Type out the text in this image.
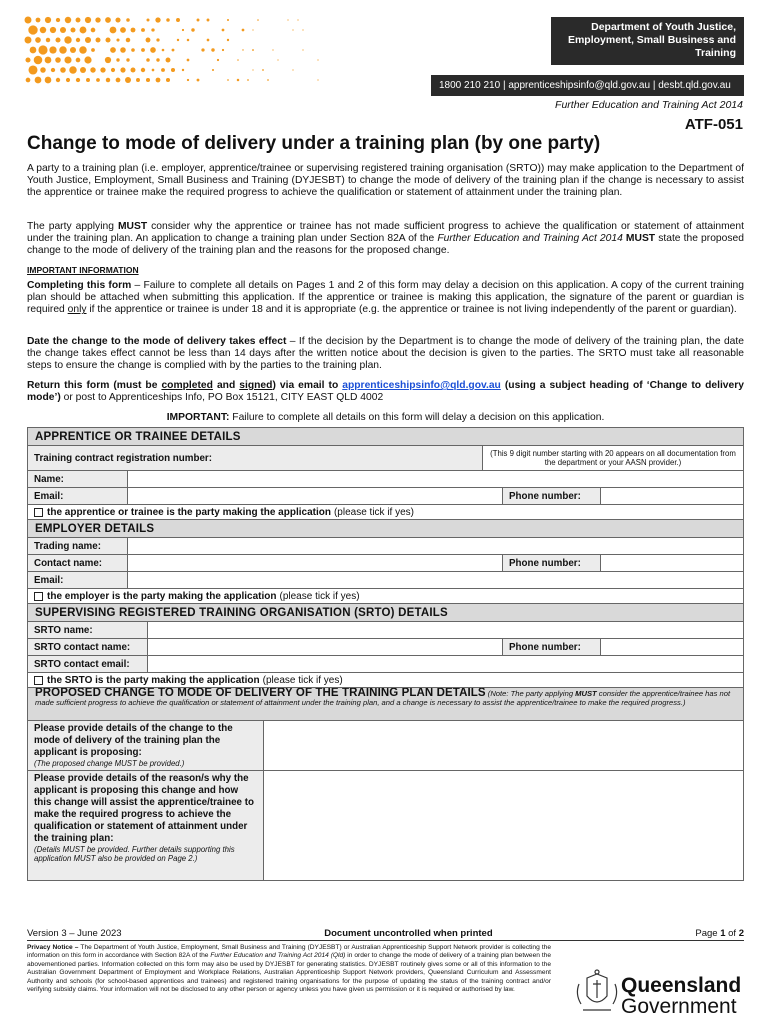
Department of Youth Justice,
Employment, Small Business and Training
1800 210 210 | apprenticeshipsinfo@qld.gov.au | desbt.qld.gov.au
Further Education and Training Act 2014
ATF-051
Change to mode of delivery under a training plan (by one party)
A party to a training plan (i.e. employer, apprentice/trainee or supervising registered training organisation (SRTO)) may make application to the Department of Youth Justice, Employment, Small Business and Training (DYJESBT) to change the mode of delivery of the training plan if the change is necessary to assist the apprentice or trainee make the required progress to achieve the qualification or statement of attainment under the training plan.
The party applying MUST consider why the apprentice or trainee has not made sufficient progress to achieve the qualification or statement of attainment under the training plan. An application to change a training plan under Section 82A of the Further Education and Training Act 2014 MUST state the proposed change to the mode of delivery of the training plan and the reasons for the proposed change.
IMPORTANT INFORMATION
Completing this form – Failure to complete all details on Pages 1 and 2 of this form may delay a decision on this application. A copy of the current training plan should be attached when submitting this application. If the apprentice or trainee is making this application, the signature of the parent or guardian is required only if the apprentice or trainee is under 18 and it is appropriate (e.g. the apprentice or trainee is not living independently of the parent or guardian).
Date the change to the mode of delivery takes effect – If the decision by the Department is to change the mode of delivery of the training plan, the date the change takes effect cannot be less than 14 days after the written notice about the decision is given to the parties. The SRTO must take all reasonable steps to ensure the change is complied with by the parties to the training plan.
Return this form (must be completed and signed) via email to apprenticeshipsinfo@qld.gov.au (using a subject heading of ‘Change to delivery mode’) or post to Apprenticeships Info, PO Box 15121, CITY EAST QLD 4002
IMPORTANT: Failure to complete all details on this form will delay a decision on this application.
APPRENTICE OR TRAINEE DETAILS
Training contract registration number:	(This 9 digit number starting with 20 appears on all documentation from the department or your AASN provider.)
Name:
Email:	Phone number:
the apprentice or trainee is the party making the application (please tick if yes)
EMPLOYER DETAILS
Trading name:
Contact name:	Phone number:
Email:
the employer is the party making the application (please tick if yes)
SUPERVISING REGISTERED TRAINING ORGANISATION (SRTO) DETAILS
SRTO name:
SRTO contact name:	Phone number:
SRTO contact email:
the SRTO is the party making the application (please tick if yes)
PROPOSED CHANGE TO MODE OF DELIVERY OF THE TRAINING PLAN DETAILS (Note: The party applying MUST consider the apprentice/trainee has not made sufficient progress to achieve the qualification or statement of attainment under the training plan, and a change is necessary to assist the apprentice/trainee to make the required progress.)
Please provide details of the change to the mode of delivery of the training plan the applicant is proposing:
(The proposed change MUST be provided.)
Please provide details of the reason/s why the applicant is proposing this change and how this change will assist the apprentice/trainee to make the required progress to achieve the qualification or statement of attainment under the training plan:
(Details MUST be provided. Further details supporting this application MUST also be provided on Page 2.)
Version 3 – June 2023	Document uncontrolled when printed	Page 1 of 2
Privacy Notice – The Department of Youth Justice, Employment, Small Business and Training (DYJESBT) or Australian Apprenticeship Support Network provider is collecting the information on this form in accordance with Section 82A of the Further Education and Training Act 2014 (Qld) in order to change the mode of delivery of a training plan between the abovementioned parties. Information collected on this form may also be used by DYJESBT for generating statistics. DYJESBT routinely gives some or all of this information to the Australian Government Department of Employment and Workplace Relations, Australian Apprenticeship Support Network providers, Queensland Curriculum and Assessment Authority and schools (for school-based apprentices and trainees) and registered training organisations for the purpose of updating the status of the training contract and/or verifying subsidy claims. Your information will not be disclosed to any other person or agency unless you have given us permission or it is required or authorised by law.	Queensland
Government
